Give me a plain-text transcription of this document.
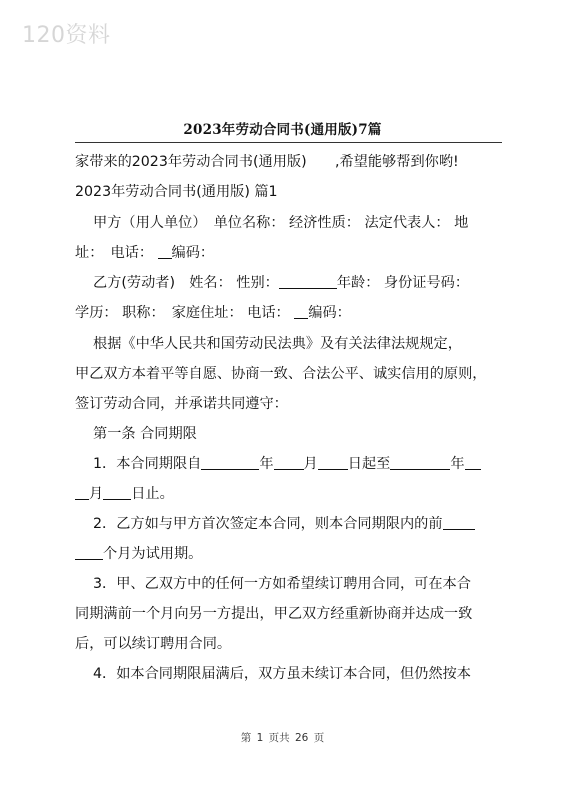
120资料
2023年劳动合同书(通用版)7篇
家带来的2023年劳动合同书(通用版)　　,希望能够帮到你哟!
2023年劳动合同书(通用版) 篇1
甲方（用人单位）　单位名称： 经济性质： 法定代表人： 地
址：　电话： 编码：
乙方(劳动者)　姓名： 性别：	年龄： 身份证号码：
学历： 职称：　家庭住址： 电话： 编码：
根据《中华人民共和国劳动民法典》及有关法律法规规定，
甲乙双方本着平等自愿、协商一致、合法公平、诚实信用的原则，
签订劳动合同，并承诺共同遵守：
第一条 合同期限
1．本合同期限自	年 月 日起至	年
月 日止。
2．乙方如与甲方首次签定本合同，则本合同期限内的前
个月为试用期。
3．甲、乙双方中的任何一方如希望续订聘用合同，可在本合
同期满前一个月向另一方提出，甲乙双方经重新协商并达成一致
后，可以续订聘用合同。
4．如本合同期限届满后，双方虽未续订本合同，但仍然按本
第 1 页共 26 页
